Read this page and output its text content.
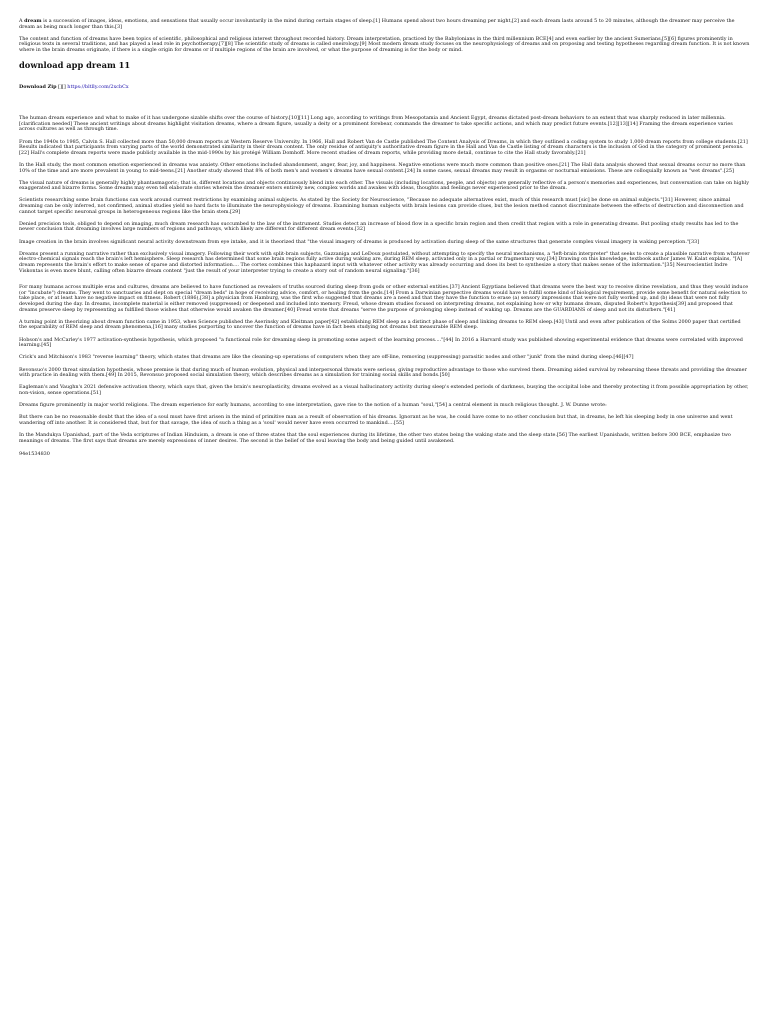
A dream is a succession of images, ideas, emotions, and sensations that usually occur involuntarily in the mind during certain stages of sleep.[1] Humans spend about two hours dreaming per night,[2] and each dream lasts around 5 to 20 minutes, although the dreamer may perceive the dream as being much longer than this.[3]

The content and function of dreams have been topics of scientific, philosophical and religious interest throughout recorded history. Dream interpretation, practiced by the Babylonians in the third millennium BCE[4] and even earlier by the ancient Sumerians,[5][6] figures prominently in religious texts in several traditions, and has played a lead role in psychotherapy.[7][8] The scientific study of dreams is called oneirology.[9] Most modern dream study focuses on the neurophysiology of dreams and on proposing and testing hypotheses regarding dream function. It is not known where in the brain dreams originate, if there is a single origin for dreams or if multiple regions of the brain are involved, or what the purpose of dreaming is for the body or mind.

download app dream 11
Download Zip [][] https://bltlly.com/2xcbCx

The human dream experience and what to make of it has undergone sizable shifts over the course of history.[10][11] Long ago, according to writings from Mesopotamia and Ancient Egypt, dreams dictated post-dream behaviors to an extent that was sharply reduced in later millennia.[clarification needed] These ancient writings about dreams highlight visitation dreams, where a dream figure, usually a deity or a prominent forebear, commands the dreamer to take specific actions, and which may predict future events.[12][13][14] Framing the dream experience varies across cultures as well as through time.

From the 1940s to 1985, Calvin S. Hall collected more than 50,000 dream reports at Western Reserve University. In 1966, Hall and Robert Van de Castle published The Content Analysis of Dreams, in which they outlined a coding system to study 1,000 dream reports from college students.[21] Results indicated that participants from varying parts of the world demonstrated similarity in their dream content. The only residue of antiquity's authoritative dream figure in the Hall and Van de Castle listing of dream characters is the inclusion of God in the category of prominent persons.[22] Hall's complete dream reports were made publicly available in the mid-1990s by his protégé William Domhoff. More recent studies of dream reports, while providing more detail, continue to cite the Hall study favorably.[21]

In the Hall study, the most common emotion experienced in dreams was anxiety. Other emotions included abandonment, anger, fear, joy, and happiness. Negative emotions were much more common than positive ones.[21] The Hall data analysis showed that sexual dreams occur no more than 10% of the time and are more prevalent in young to mid-teens.[21] Another study showed that 8% of both men's and women's dreams have sexual content.[24] In some cases, sexual dreams may result in orgasms or nocturnal emissions. These are colloquially known as "wet dreams".[25]

The visual nature of dreams is generally highly phantasmagoric; that is, different locations and objects continuously blend into each other. The visuals (including locations, people, and objects) are generally reflective of a person's memories and experiences, but conversation can take on highly exaggerated and bizarre forms. Some dreams may even tell elaborate stories wherein the dreamer enters entirely new, complex worlds and awakes with ideas, thoughts and feelings never experienced prior to the dream.

Scientists researching some brain functions can work around current restrictions by examining animal subjects. As stated by the Society for Neuroscience, "Because no adequate alternatives exist, much of this research must [sic] be done on animal subjects."[31] However, since animal dreaming can be only inferred, not confirmed, animal studies yield no hard facts to illuminate the neurophysiology of dreams. Examining human subjects with brain lesions can provide clues, but the lesion method cannot discriminate between the effects of destruction and disconnection and cannot target specific neuronal groups in heterogeneous regions like the brain stem.[29]

Denied precision tools, obliged to depend on imaging, much dream research has succumbed to the law of the instrument. Studies detect an increase of blood flow in a specific brain region and then credit that region with a role in generating dreams. But pooling study results has led to the newer conclusion that dreaming involves large numbers of regions and pathways, which likely are different for different dream events.[32]

Image creation in the brain involves significant neural activity downstream from eye intake, and it is theorized that "the visual imagery of dreams is produced by activation during sleep of the same structures that generate complex visual imagery in waking perception."[33]

Dreams present a running narrative rather than exclusively visual imagery. Following their work with split-brain subjects, Gazzaniga and LeDoux postulated, without attempting to specify the neural mechanisms, a "left-brain interpreter" that seeks to create a plausible narrative from whatever electro-chemical signals reach the brain's left hemisphere. Sleep research has determined that some brain regions fully active during waking are, during REM sleep, activated only in a partial or fragmentary way.[34] Drawing on this knowledge, textbook author James W. Kalat explains, "[A] dream represents the brain's effort to make sense of sparse and distorted information.... The cortex combines this haphazard input with whatever other activity was already occurring and does its best to synthesize a story that makes sense of the information."[35] Neuroscientist Indre Viskontas is even more blunt, calling often bizarre dream content "just the result of your interpreter trying to create a story out of random neural signaling."[36]

For many humans across multiple eras and cultures, dreams are believed to have functioned as revealers of truths sourced during sleep from gods or other external entities.[37] Ancient Egyptians believed that dreams were the best way to receive divine revelation, and thus they would induce (or "incubate") dreams. They went to sanctuaries and slept on special "dream beds" in hope of receiving advice, comfort, or healing from the gods.[14] From a Darwinian perspective dreams would have to fulfill some kind of biological requirement, provide some benefit for natural selection to take place, or at least have no negative impact on fitness. Robert (1886),[38] a physician from Hamburg, was the first who suggested that dreams are a need and that they have the function to erase (a) sensory impressions that were not fully worked up, and (b) ideas that were not fully developed during the day. In dreams, incomplete material is either removed (suppressed) or deepened and included into memory. Freud, whose dream studies focused on interpreting dreams, not explaining how or why humans dream, disputed Robert's hypothesis[39] and proposed that dreams preserve sleep by representing as fulfilled those wishes that otherwise would awaken the dreamer.[40] Freud wrote that dreams "serve the purpose of prolonging sleep instead of waking up. Dreams are the GUARDIANS of sleep and not its disturbers."[41]

A turning point in theorizing about dream function came in 1953, when Science published the Aserinsky and Kleitman paper[42] establishing REM sleep as a distinct phase of sleep and linking dreams to REM sleep.[43] Until and even after publication of the Solms 2000 paper that certified the separability of REM sleep and dream phenomena,[16] many studies purporting to uncover the function of dreams have in fact been studying not dreams but measurable REM sleep.

Hobson's and McCarley's 1977 activation-synthesis hypothesis, which proposed "a functional role for dreaming sleep in promoting some aspect of the learning process...."[44] In 2016 a Harvard study was published showing experimental evidence that dreams were correlated with improved learning.[45]

Crick's and Mitchison's 1983 "reverse learning" theory, which states that dreams are like the cleaning-up operations of computers when they are off-line, removing (suppressing) parasitic nodes and other "junk" from the mind during sleep.[46][47]

Revonsuo's 2000 threat simulation hypothesis, whose premise is that during much of human evolution, physical and interpersonal threats were serious, giving reproductive advantage to those who survived them. Dreaming aided survival by rehearsing these threats and providing the dreamer with practice in dealing with them.[49] In 2015, Revonsuo proposed social simulation theory, which describes dreams as a simulation for training social skills and bonds.[50]

Eagleman's and Vaughn's 2021 defensive activation theory, which says that, given the brain's neuroplasticity, dreams evolved as a visual hallucinatory activity during sleep's extended periods of darkness, busying the occipital lobe and thereby protecting it from possible appropriation by other, non-vision, sense operations.[51]

Dreams figure prominently in major world religions. The dream experience for early humans, according to one interpretation, gave rise to the notion of a human "soul,"[54] a central element in much religious thought. J. W. Dunne wrote:

But there can be no reasonable doubt that the idea of a soul must have first arisen in the mind of primitive man as a result of observation of his dreams. Ignorant as he was, he could have come to no other conclusion but that, in dreams, he left his sleeping body in one universe and went wandering off into another. It is considered that, but for that savage, the idea of such a thing as a 'soul' would never have even occurred to mankind....[55]

In the Mandukya Upanishad, part of the Veda scriptures of Indian Hinduism, a dream is one of three states that the soul experiences during its lifetime, the other two states being the waking state and the sleep state.[56] The earliest Upanishads, written before 300 BCE, emphasize two meanings of dreams. The first says that dreams are merely expressions of inner desires. The second is the belief of the soul leaving the body and being guided until awakened.

94e1534830
